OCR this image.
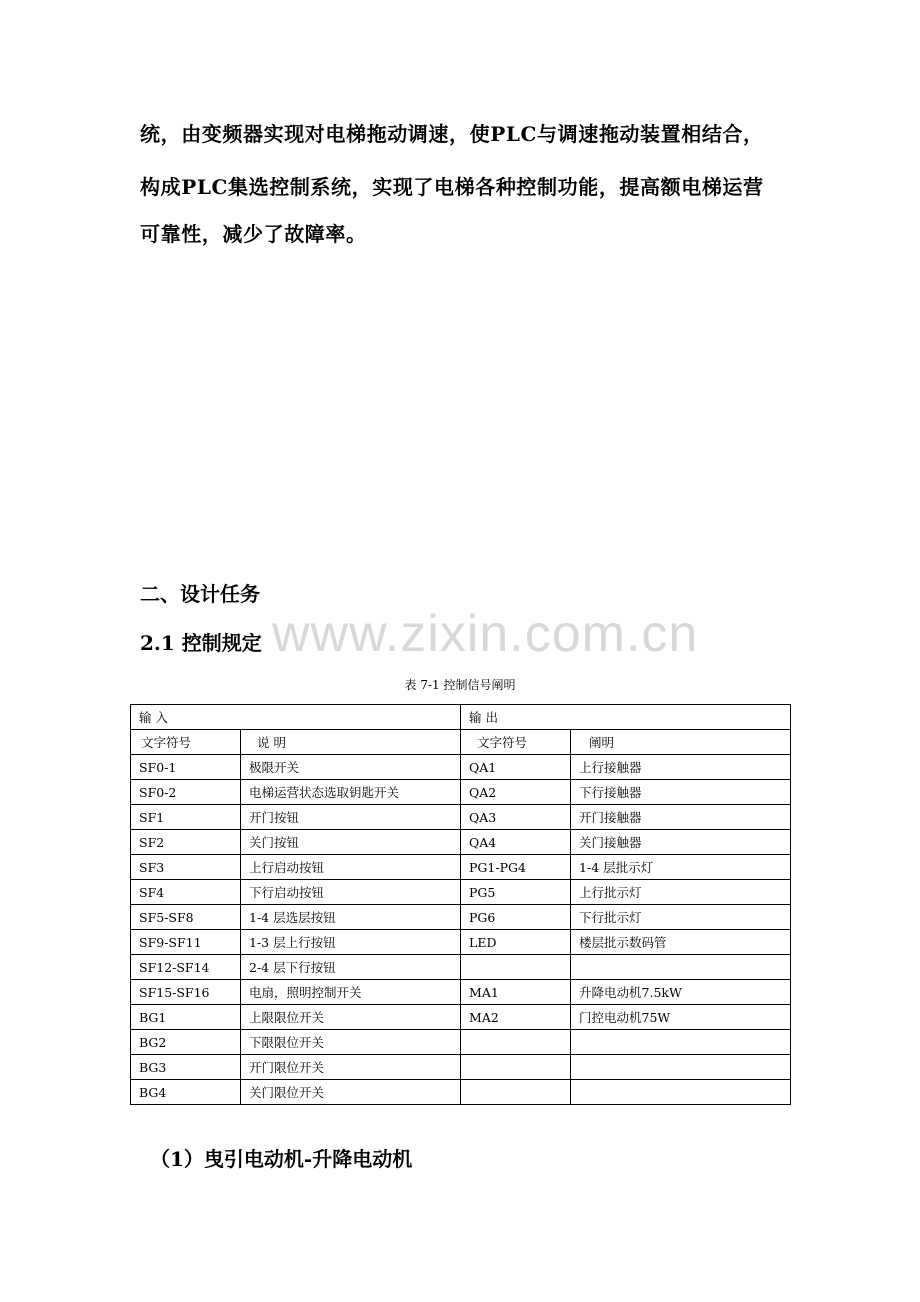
统，由变频器实现对电梯拖动调速，使PLC与调速拖动装置相结合，
构成PLC集选控制系统，实现了电梯各种控制功能，提高额电梯运营
可靠性，减少了故障率。
二、设计任务
2.1 控制规定 www.zixin.com.cn
表 7-1 控制信号阐明
输 入		输 出	
文字符号	说 明	文字符号	阐明
SF0-1	极限开关	QA1	上行接触器
SF0-2	电梯运营状态选取钥匙开关	QA2	下行接触器
SF1	开门按钮	QA3	开门接触器
SF2	关门按钮	QA4	关门接触器
SF3	上行启动按钮	PG1-PG4	1-4 层批示灯
SF4	下行启动按钮	PG5	上行批示灯
SF5-SF8	1-4 层选层按钮	PG6	下行批示灯
SF9-SF11	1-3 层上行按钮	LED	楼层批示数码管
SF12-SF14	2-4 层下行按钮		
SF15-SF16	电扇，照明控制开关	MA1	升降电动机7.5kW
BG1	上限限位开关	MA2	门控电动机75W
BG2	下限限位开关		
BG3	开门限位开关		
BG4	关门限位开关		
（1）曳引电动机-升降电动机
